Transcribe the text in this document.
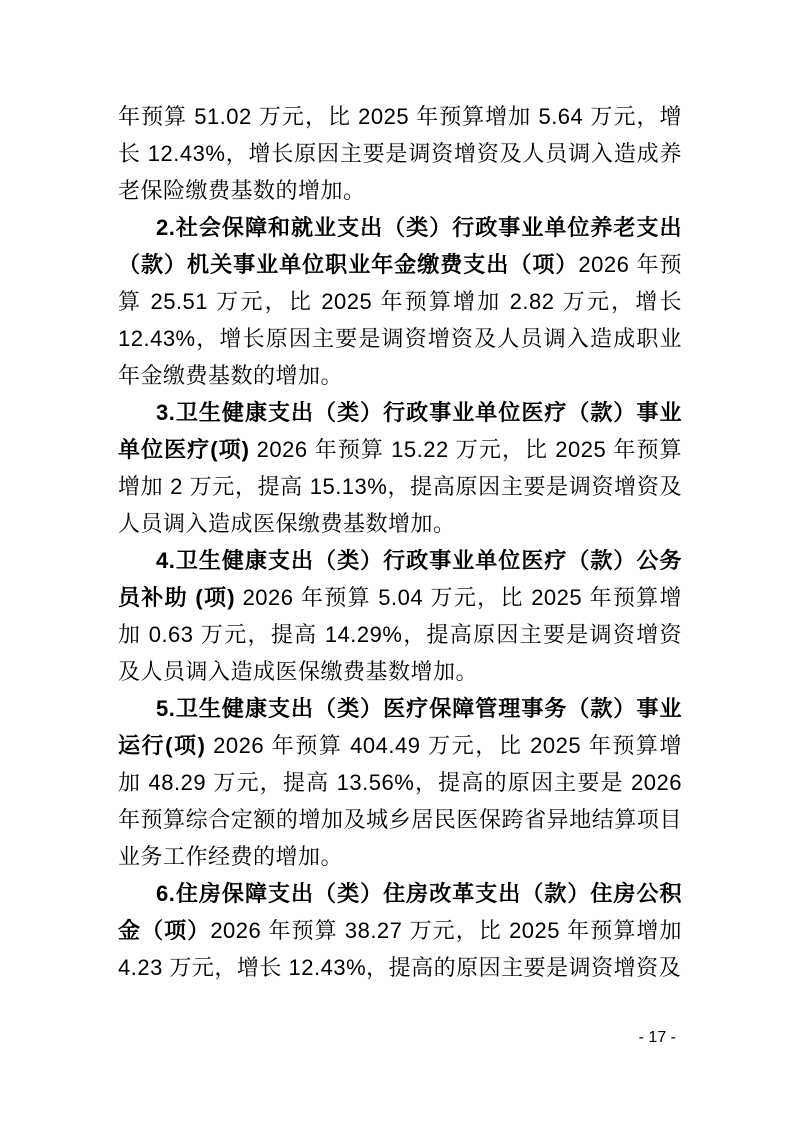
年预算 51.02 万元，比 2025 年预算增加 5.64 万元，增长 12.43%，增长原因主要是调资增资及人员调入造成养老保险缴费基数的增加。

2.社会保障和就业支出（类）行政事业单位养老支出（款）机关事业单位职业年金缴费支出（项）2026 年预算 25.51 万元，比 2025 年预算增加 2.82 万元，增长 12.43%，增长原因主要是调资增资及人员调入造成职业年金缴费基数的增加。

3.卫生健康支出（类）行政事业单位医疗（款）事业单位医疗(项) 2026 年预算 15.22 万元，比 2025 年预算增加 2 万元，提高 15.13%，提高原因主要是调资增资及人员调入造成医保缴费基数增加。

4.卫生健康支出（类）行政事业单位医疗（款）公务员补助 (项) 2026 年预算 5.04 万元，比 2025 年预算增加 0.63 万元，提高 14.29%，提高原因主要是调资增资及人员调入造成医保缴费基数增加。

5.卫生健康支出（类）医疗保障管理事务（款）事业运行(项) 2026 年预算 404.49 万元，比 2025 年预算增加 48.29 万元，提高 13.56%，提高的原因主要是 2026 年预算综合定额的增加及城乡居民医保跨省异地结算项目业务工作经费的增加。

6.住房保障支出（类）住房改革支出（款）住房公积金（项）2026 年预算 38.27 万元，比 2025 年预算增加 4.23 万元，增长 12.43%，提高的原因主要是调资增资及

- 17 -
